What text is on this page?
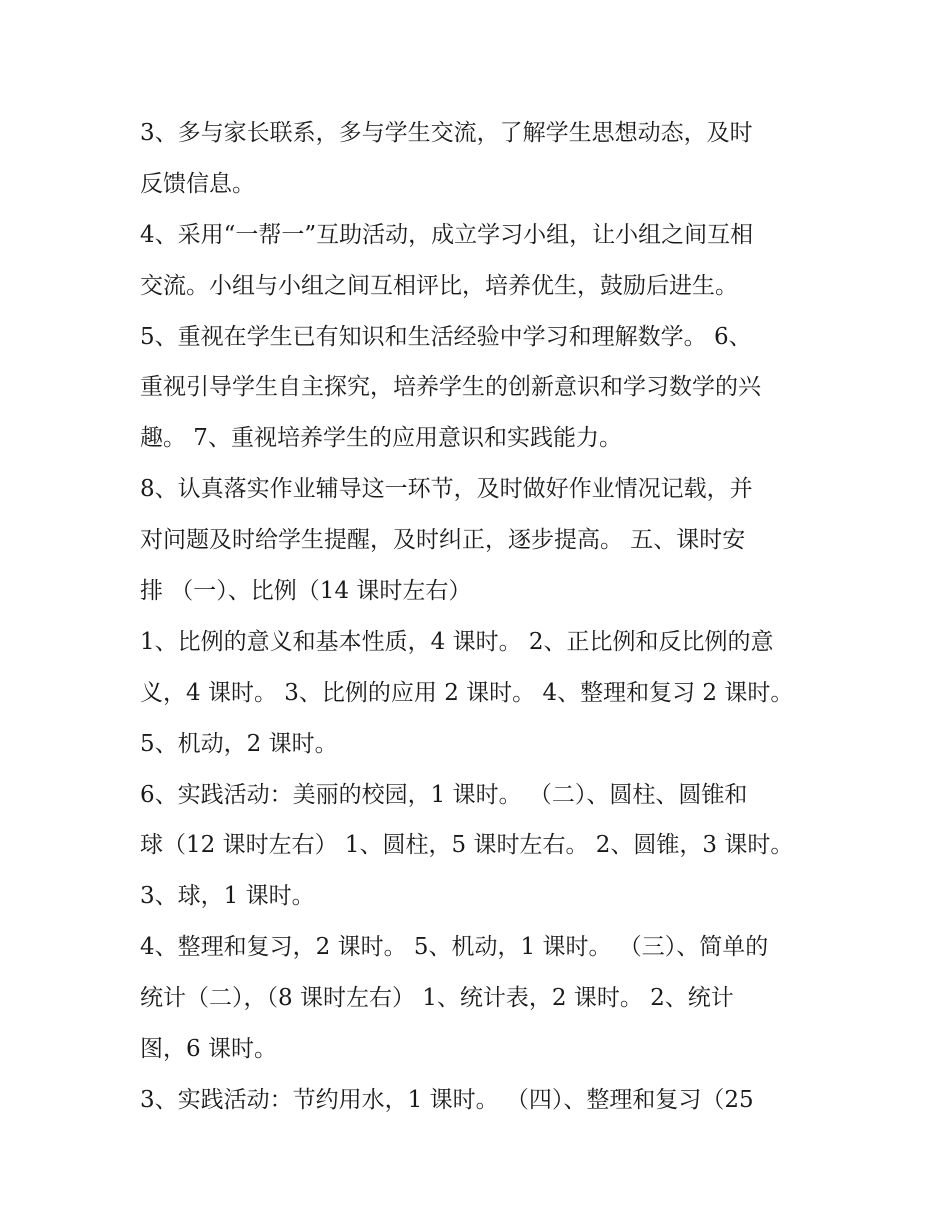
3、多与家长联系，多与学生交流，了解学生思想动态，及时
反馈信息。
4、采用“一帮一”互助活动，成立学习小组，让小组之间互相
交流。小组与小组之间互相评比，培养优生，鼓励后进生。
5、重视在学生已有知识和生活经验中学习和理解数学。 6、
重视引导学生自主探究，培养学生的创新意识和学习数学的兴
趣。 7、重视培养学生的应用意识和实践能力。
8、认真落实作业辅导这一环节，及时做好作业情况记载，并
对问题及时给学生提醒，及时纠正，逐步提高。 五、课时安
排 （一）、比例（14 课时左右）
1、比例的意义和基本性质，4 课时。 2、正比例和反比例的意
义，4 课时。 3、比例的应用 2 课时。 4、整理和复习 2 课时。
5、机动，2 课时。
6、实践活动：美丽的校园，1 课时。 （二）、圆柱、圆锥和
球（12 课时左右） 1、圆柱，5 课时左右。 2、圆锥，3 课时。
3、球，1 课时。
4、整理和复习，2 课时。 5、机动，1 课时。 （三）、简单的
统计（二），（8 课时左右） 1、统计表，2 课时。 2、统计
图，6 课时。
3、实践活动：节约用水，1 课时。 （四）、整理和复习（25
